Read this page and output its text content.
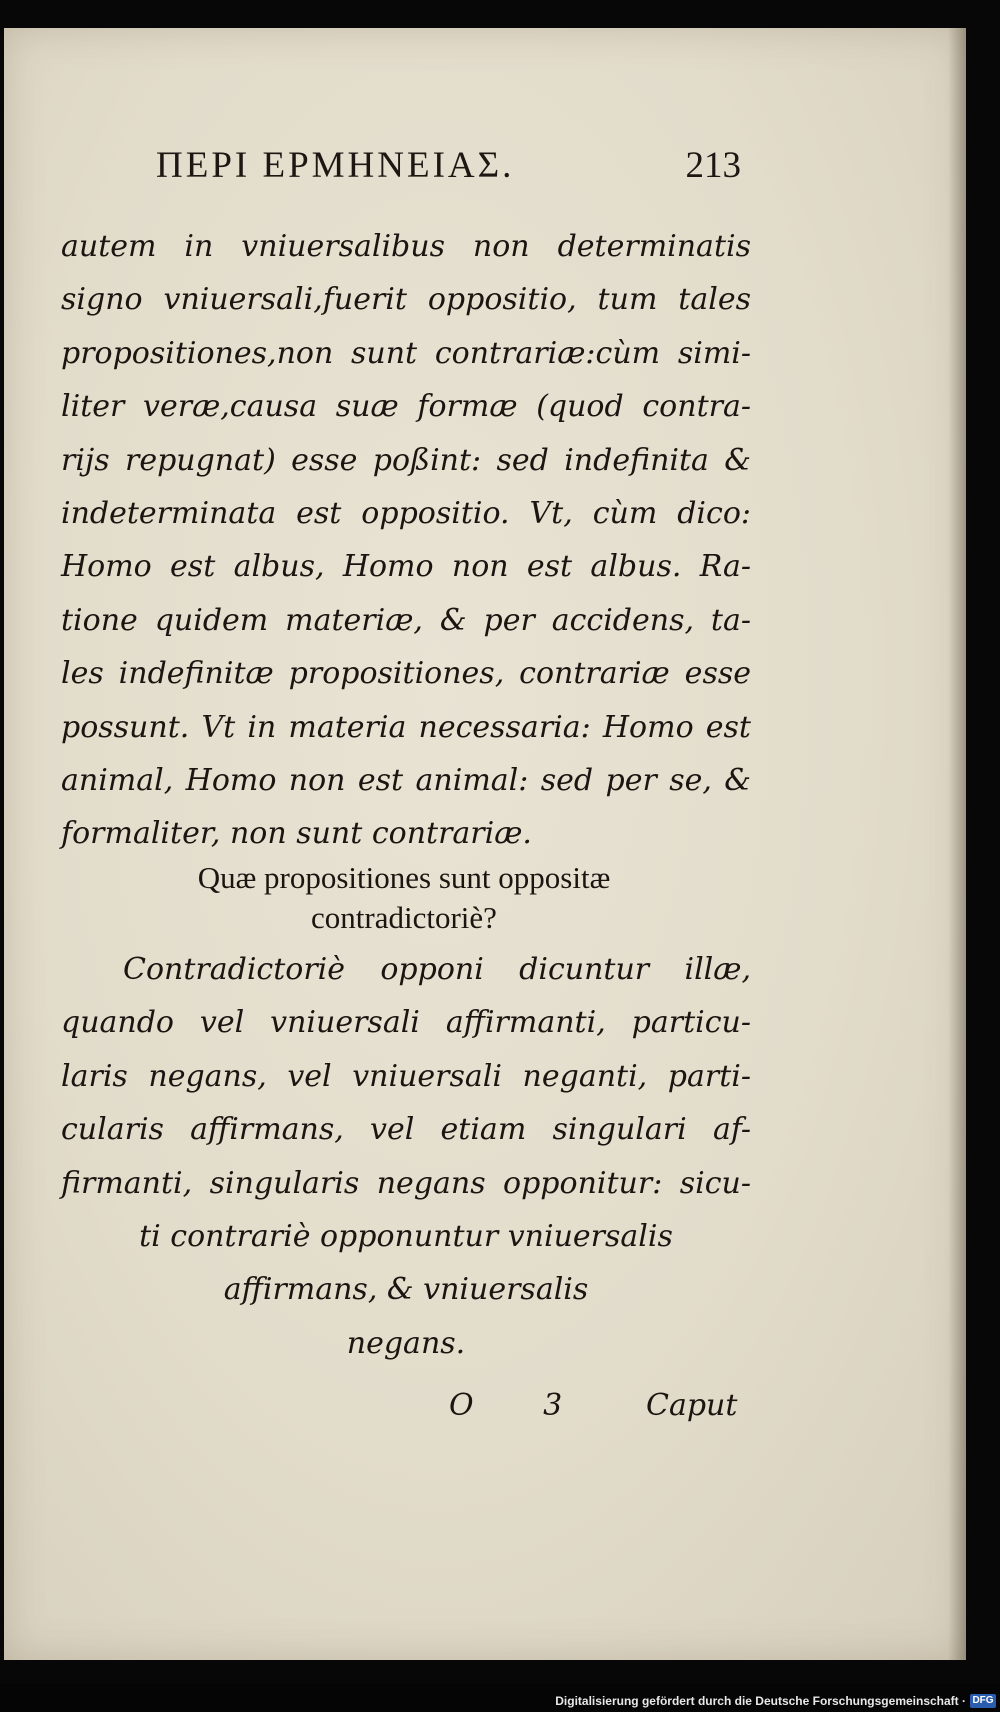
ΠΕΡΙ ΕΡΜΗΝΕΙΑΣ.	213
autem in vniuersalibus non determinatis
signo vniuersali,fuerit oppositio, tum tales
propositiones,non sunt contrariæ:cùm simi-
liter veræ,causa suæ formæ (quod contra-
rijs repugnat) esse poßint: sed indefinita &
indeterminata est oppositio. Vt, cùm dico:
Homo est albus, Homo non est albus. Ra-
tione quidem materiæ, & per accidens, ta-
les indefinitæ propositiones, contrariæ esse
possunt. Vt in materia necessaria: Homo est
animal, Homo non est animal: sed per se, &
formaliter, non sunt contrariæ.
Quæ propositiones sunt oppositæ
contradictoriè?
Contradictoriè opponi dicuntur illæ,
quando vel vniuersali affirmanti, particu-
laris negans, vel vniuersali neganti, parti-
cularis affirmans, vel etiam singulari af-
firmanti, singularis negans opponitur: sicu-
ti contrariè opponuntur vniuersalis
affirmans, & vniuersalis
negans.
O 3 Caput
Digitalisierung gefördert durch die Deutsche Forschungsgemeinschaft · DFG
